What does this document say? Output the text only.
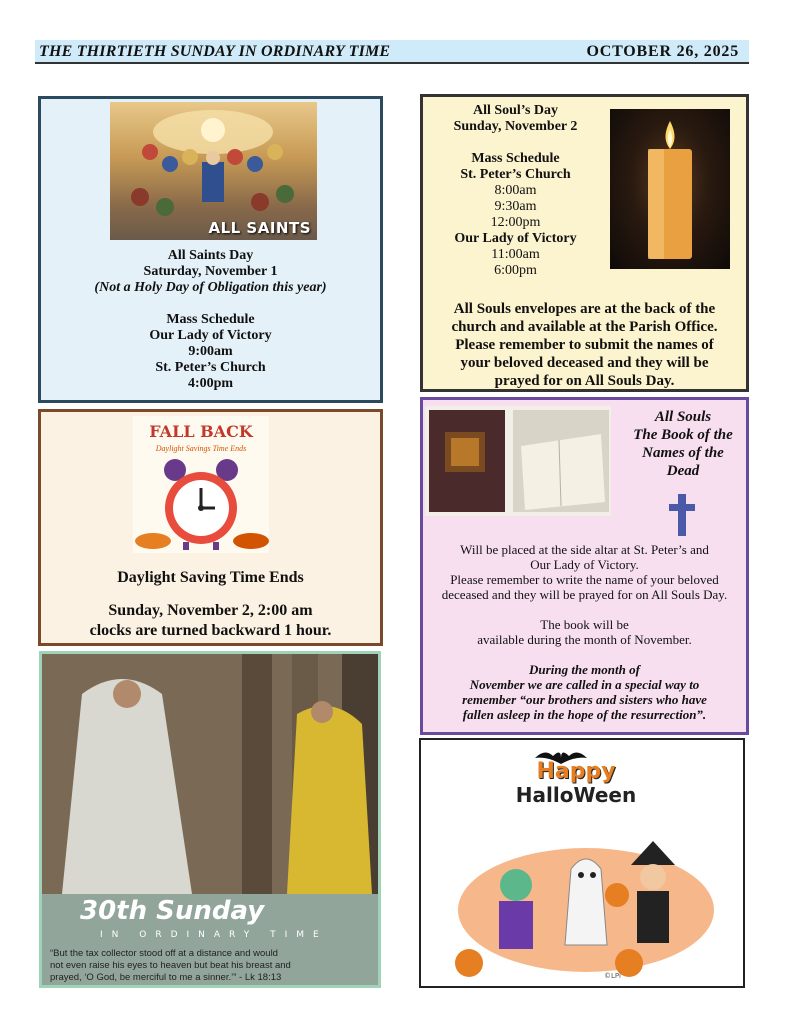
THE THIRTIETH SUNDAY IN ORDINARY TIME	OCTOBER 26, 2025
ALL SAINTS
All Saints Day
Saturday, November 1
(Not a Holy Day of Obligation this year)
Mass Schedule
Our Lady of Victory
9:00am
St. Peter’s Church
4:00pm
All Soul’s Day
Sunday, November 2
Mass Schedule
St. Peter’s Church
8:00am
9:30am
12:00pm
Our Lady of Victory
11:00am
6:00pm
All Souls envelopes are at the back of the
church and available at the Parish Office.
Please remember to submit the names of
your beloved deceased and they will be
prayed for on All Souls Day.
FALL BACK
Daylight Savings Time Ends
Daylight Saving Time Ends
Sunday, November 2, 2:00 am
clocks are turned backward 1 hour.
All Souls
The Book of the
Names of the
Dead
Will be placed at the side altar at St. Peter’s and
Our Lady of Victory.
Please remember to write the name of your beloved
deceased and they will be prayed for on All Souls Day.
The book will be
available during the month of November.
During the month of
November we are called in a special way to
remember “our brothers and sisters who have
fallen asleep in the hope of the resurrection”.
30th Sunday
IN ORDINARY TIME
“But the tax collector stood off at a distance and would
not even raise his eyes to heaven but beat his breast and
prayed, ‘O God, be merciful to me a sinner.’” - Lk 18:13
Happy
HalloWeen
©LPi
